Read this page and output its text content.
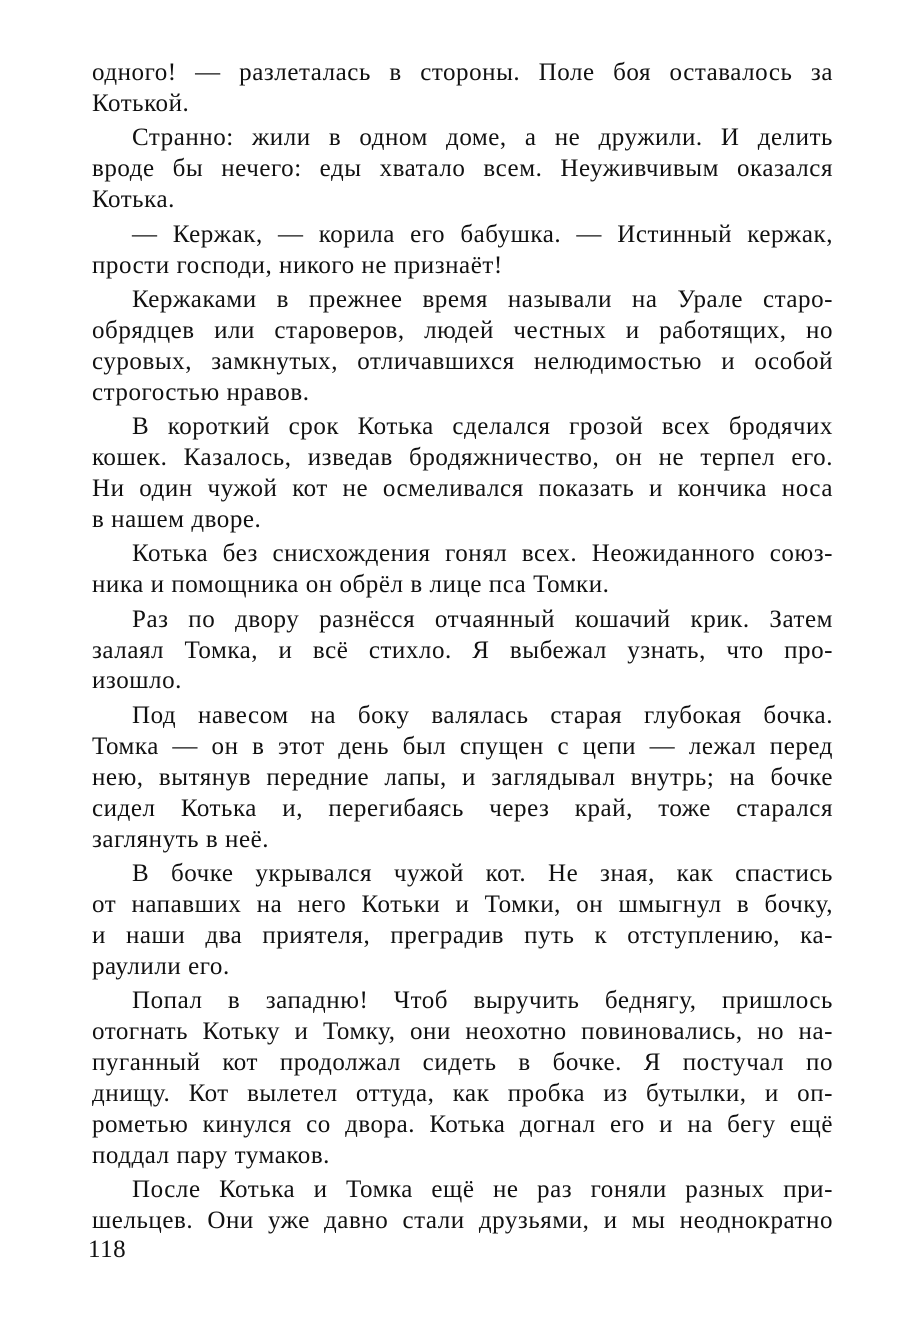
одного! — разлеталась в стороны. Поле боя оставалось за
Котькой.
Странно: жили в одном доме, а не дружили. И делить
вроде бы нечего: еды хватало всем. Неуживчивым оказался
Котька.
— Кержак, — корила его бабушка. — Истинный кержак,
прости господи, никого не признаёт!
Кержаками в прежнее время называли на Урале старо-
обрядцев или староверов, людей честных и работящих, но
суровых, замкнутых, отличавшихся нелюдимостью и особой
строгостью нравов.
В короткий срок Котька сделался грозой всех бродячих
кошек. Казалось, изведав бродяжничество, он не терпел его.
Ни один чужой кот не осмеливался показать и кончика носа
в нашем дворе.
Котька без снисхождения гонял всех. Неожиданного союз-
ника и помощника он обрёл в лице пса Томки.
Раз по двору разнёсся отчаянный кошачий крик. Затем
залаял Томка, и всё стихло. Я выбежал узнать, что про-
изошло.
Под навесом на боку валялась старая глубокая бочка.
Томка — он в этот день был спущен с цепи — лежал перед
нею, вытянув передние лапы, и заглядывал внутрь; на бочке
сидел Котька и, перегибаясь через край, тоже старался
заглянуть в неё.
В бочке укрывался чужой кот. Не зная, как спастись
от напавших на него Котьки и Томки, он шмыгнул в бочку,
и наши два приятеля, преградив путь к отступлению, ка-
раулили его.
Попал в западню! Чтоб выручить беднягу, пришлось
отогнать Котьку и Томку, они неохотно повиновались, но на-
пуганный кот продолжал сидеть в бочке. Я постучал по
днищу. Кот вылетел оттуда, как пробка из бутылки, и оп-
рометью кинулся со двора. Котька догнал его и на бегу ещё
поддал пару тумаков.
После Котька и Томка ещё не раз гоняли разных при-
шельцев. Они уже давно стали друзьями, и мы неоднократно
118
